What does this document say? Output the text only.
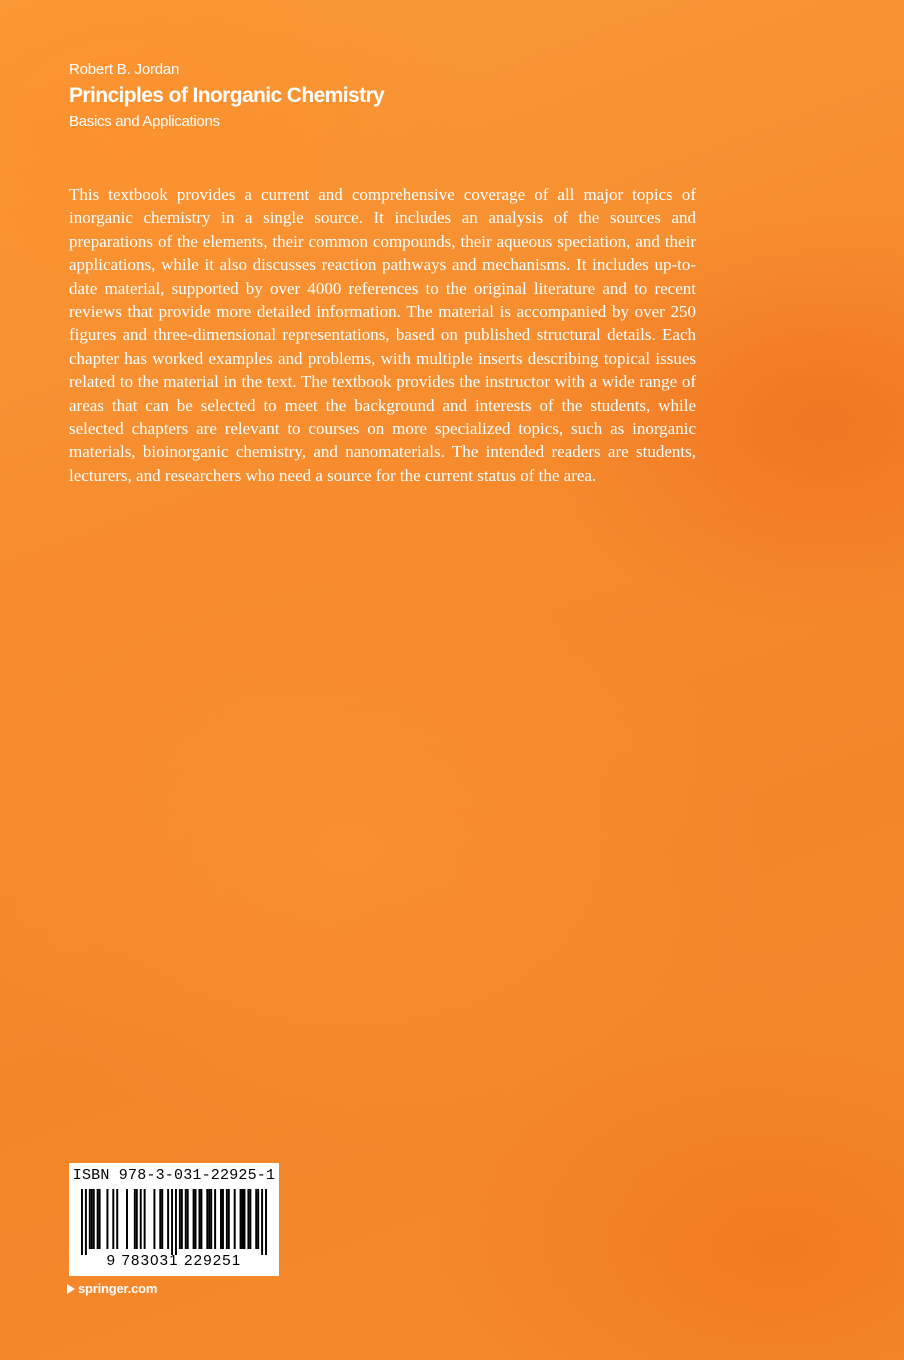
Robert B. Jordan

Principles of Inorganic Chemistry

Basics and Applications

This textbook provides a current and comprehensive coverage of all major topics of inorganic chemistry in a single source. It includes an analysis of the sources and preparations of the elements, their common compounds, their aqueous speciation, and their applications, while it also discusses reaction pathways and mechanisms. It includes up-to-date material, supported by over 4000 references to the original literature and to recent reviews that provide more detailed information. The material is accompanied by over 250 figures and three-dimensional representations, based on published structural details. Each chapter has worked examples and problems, with multiple inserts describing topical issues related to the material in the text. The textbook provides the instructor with a wide range of areas that can be selected to meet the background and interests of the students, while selected chapters are relevant to courses on more specialized topics, such as inorganic materials, bioinorganic chemistry, and nanomaterials. The intended readers are students, lecturers, and researchers who need a source for the current status of the area.

ISBN 978-3-031-22925-1
9 783031 229251
springer.com
